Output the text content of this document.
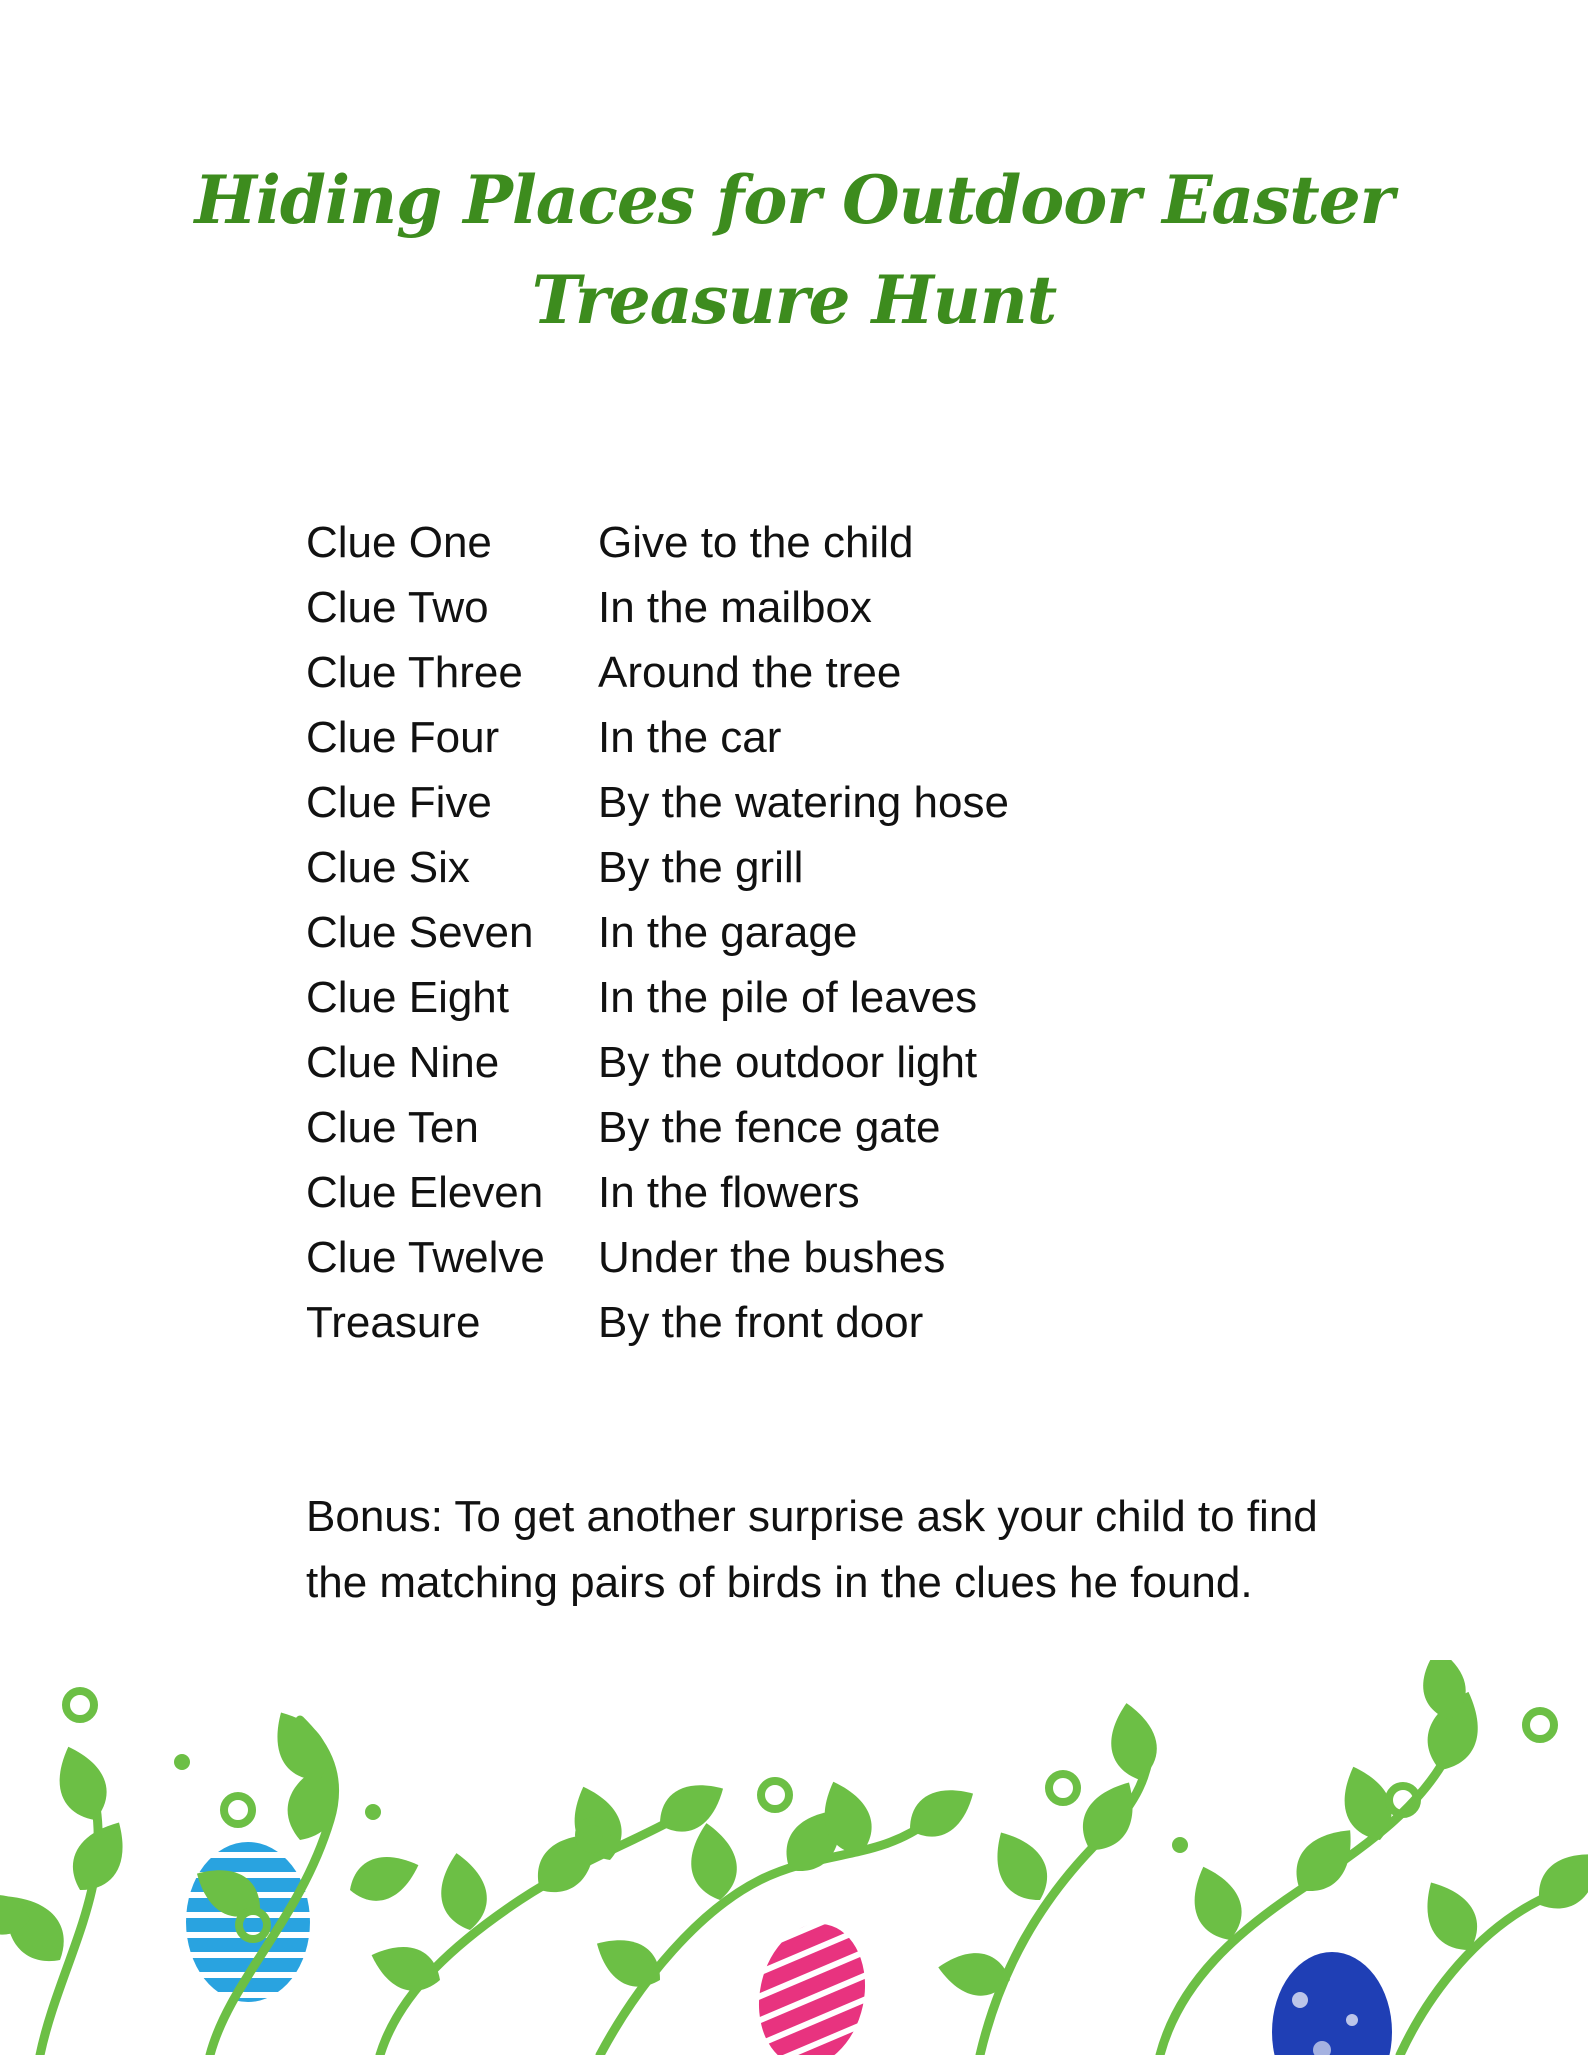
Hiding Places for Outdoor Easter Treasure Hunt
Clue One Give to the child
Clue Two In the mailbox
Clue Three Around the tree
Clue Four In the car
Clue Five By the watering hose
Clue Six	By the grill
Clue Seven In the garage
Clue Eight In the pile of leaves
Clue Nine By the outdoor light
Clue Ten	By the fence gate
Clue Eleven In the flowers
Clue Twelve Under the bushes
Treasure	By the front door

Bonus: To get another surprise ask your child to find the matching pairs of birds in the clues he found.
